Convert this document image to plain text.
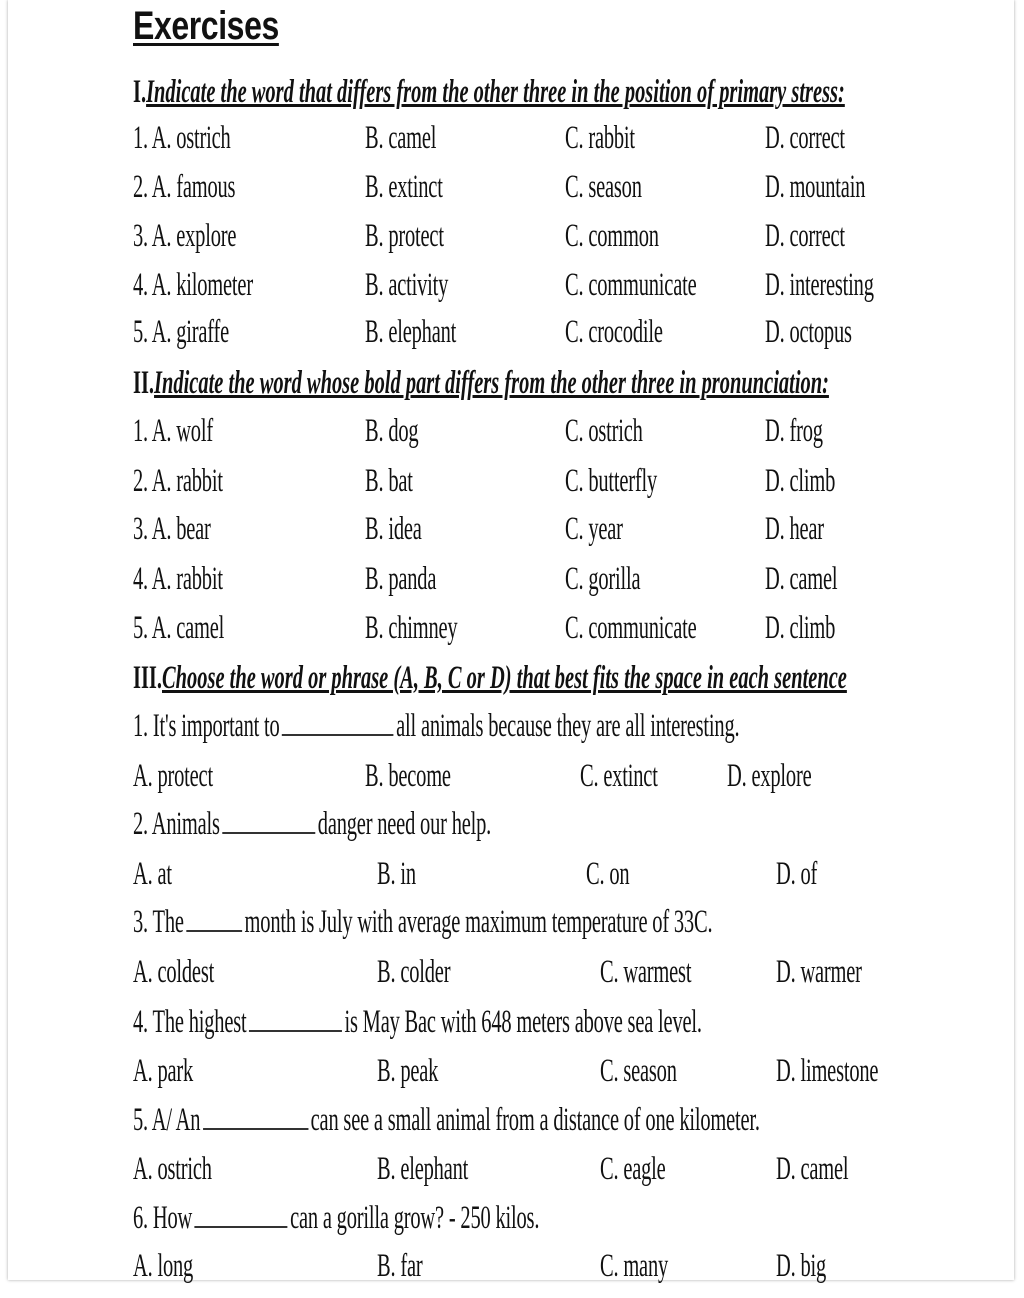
Exercises
I.Indicate the word that differs from the other three in the position of primary stress:
1. A. ostrich	B. camel	C. rabbit	D. correct
2. A. famous	B. extinct	C. season	D. mountain
3. A. explore	B. protect	C. common	D. correct
4. A. kilometer	B. activity	C. communicate D. interesting
5. A. giraffe	B. elephant	C. crocodile	D. octopus
II.Indicate the word whose bold part differs from the other three in pronunciation:
1. A. wolf	B. dog	C. ostrich	D. frog
2. A. rabbit	B. bat	C. butterfly	D. climb
3. A. bear	B. idea	C. year	D. hear
4. A. rabbit	B. panda	C. gorilla	D. camel
5. A. camel	B. chimney	C. communicate D. climb
III.Choose the word or phrase (A, B, C or D) that best fits the space in each sentence
1. It's important to	all animals because they are all interesting.
A. protect	B. become	C. extinct D. explore
2. Animals	danger need our help.
A. at	B. in	C. on	D. of
3. The month is July with average maximum temperature of 33C.
A. coldest	B. colder	C. warmest	D. warmer
4. The highest	is May Bac with 648 meters above sea level.
A. park	B. peak	C. season	D. limestone
5. A/ An	can see a small animal from a distance of one kilometer.
A. ostrich	B. elephant	C. eagle	D. camel
6. How	can a gorilla grow? - 250 kilos.
A. long	B. far	C. many	D. big
